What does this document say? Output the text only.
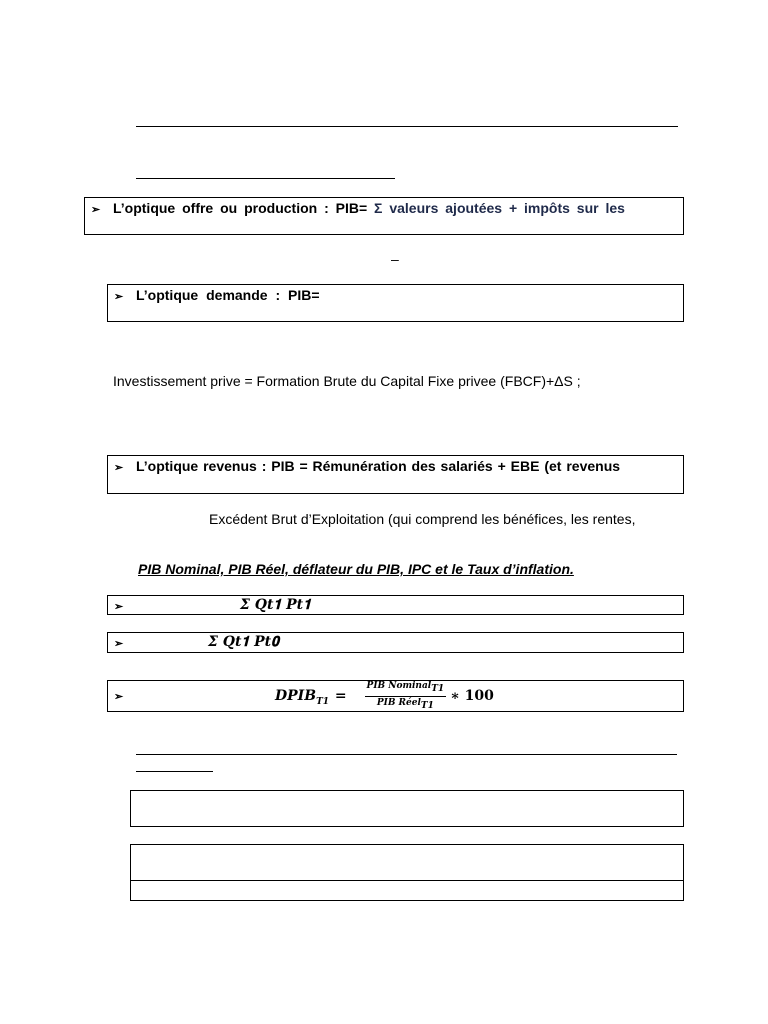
➢ L’optique offre ou production : PIB= Σ valeurs ajoutées + impôts sur les
–
➢ L’optique demande : PIB=
Investissement prive = Formation Brute du Capital Fixe privee (FBCF)+ΔS ;
➢ L’optique revenus : PIB = Rémunération des salariés + EBE (et revenus
Excédent Brut d’Exploitation (qui comprend les bénéfices, les rentes,
PIB Nominal, PIB Réel, déflateur du PIB, IPC et le Taux d’inflation.
➢	Σ 𝑸𝒕𝟏 𝑷𝒕𝟏
➢	Σ 𝑸𝒕𝟏 𝑷𝒕𝟎
➢	$DPIB_{T1} = \frac{PIB Nominal_{T1}}{PIB Réel_{T1}}$ ∗ 100
